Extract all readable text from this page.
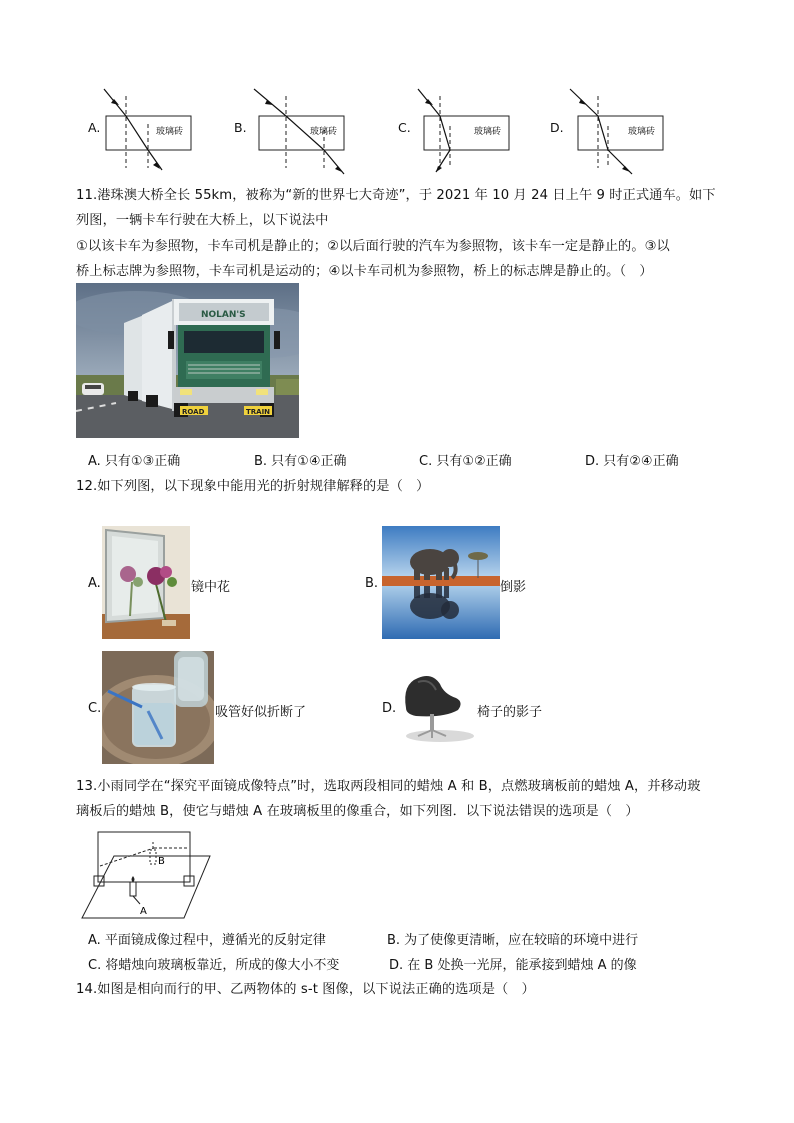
A.	玻璃砖	B.	玻璃砖	C.	玻璃砖	D.	玻璃砖
11.港珠澳大桥全长 55km，被称为“新的世界七大奇迹”，于 2021 年 10 月 24 日上午 9 时正式通车。如下
列图，一辆卡车行驶在大桥上，以下说法中
①以该卡车为参照物，卡车司机是静止的；②以后面行驶的汽车为参照物，该卡车一定是静止的。③以
桥上标志牌为参照物，卡车司机是运动的；④以卡车司机为参照物，桥上的标志牌是静止的。（　）
NOLAN'S
ROAD	TRAIN
A. 只有①③正确	B. 只有①④正确	C. 只有①②正确	D. 只有②④正确
12.如下列图，以下现象中能用光的折射规律解释的是（　）
A.	镜中花	B.	倒影
C.	吸管好似折断了	D.	椅子的影子
13.小雨同学在“探究平面镜成像特点”时，选取两段相同的蜡烛 A 和 B，点燃玻璃板前的蜡烛 A，并移动玻
璃板后的蜡烛 B，使它与蜡烛 A 在玻璃板里的像重合，如下列图．以下说法错误的选项是（　）
B
A
A. 平面镜成像过程中，遵循光的反射定律	B. 为了使像更清晰，应在较暗的环境中进行
C. 将蜡烛向玻璃板靠近，所成的像大小不变	D. 在 B 处换一光屏，能承接到蜡烛 A 的像
14.如图是相向而行的甲、乙两物体的 s-t 图像，以下说法正确的选项是（　）
